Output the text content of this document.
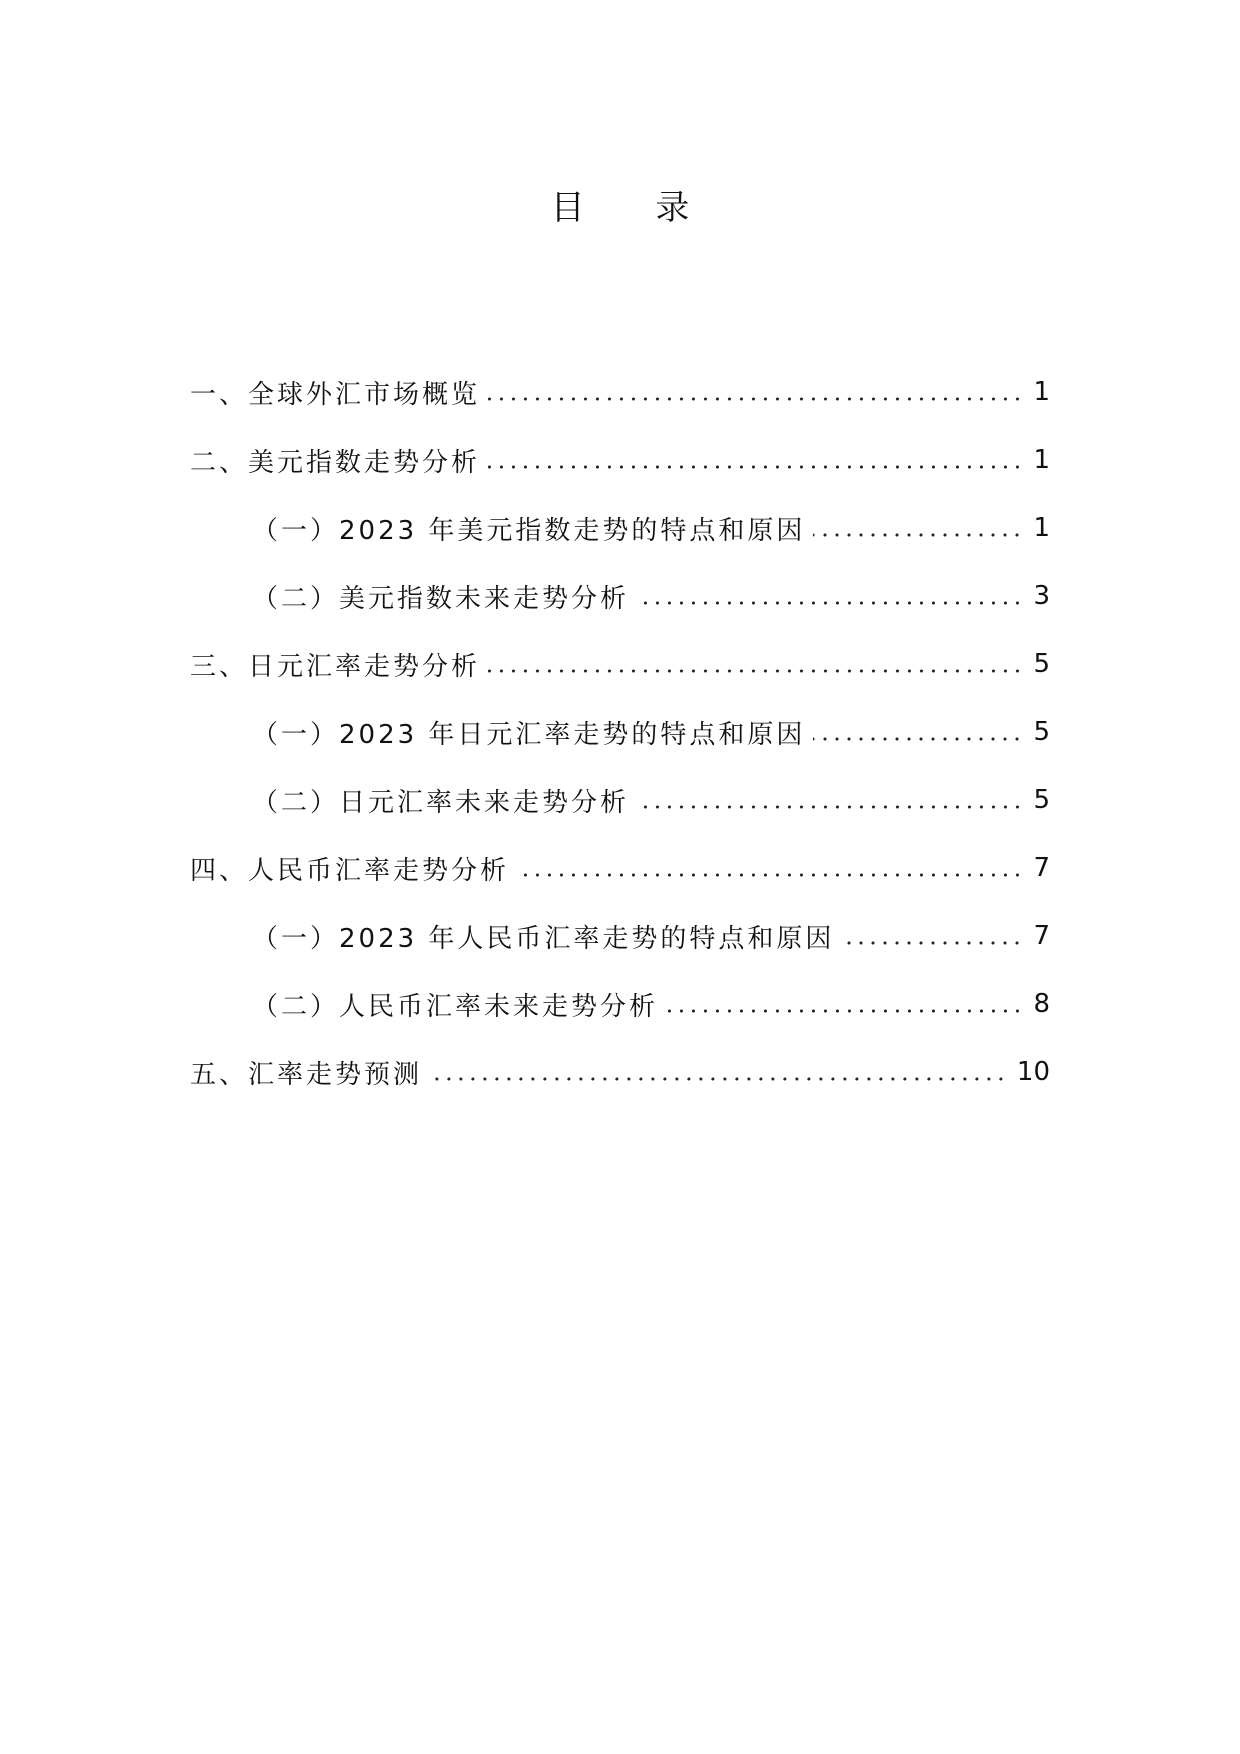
目 录
一、全球外汇市场概览	1
二、美元指数走势分析	1
（一）2023 年美元指数走势的特点和原因	1
（二）美元指数未来走势分析	3
三、日元汇率走势分析	5
（一）2023 年日元汇率走势的特点和原因	5
（二）日元汇率未来走势分析	5
四、人民币汇率走势分析	7
（一）2023 年人民币汇率走势的特点和原因	7
（二）人民币汇率未来走势分析	8
五、汇率走势预测	10
